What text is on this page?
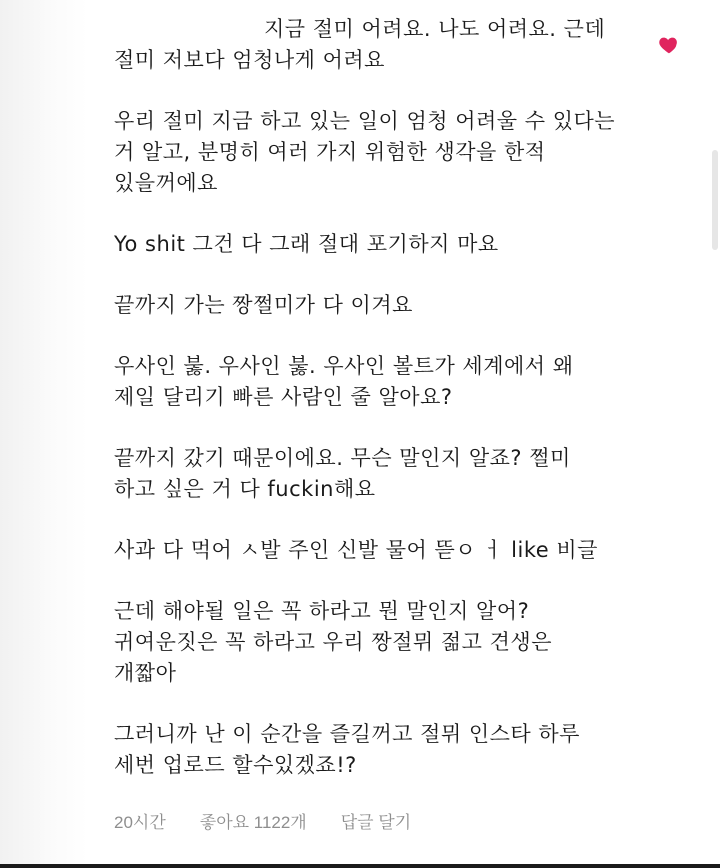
지금 절미 어려요. 나도 어려요. 근데
절미 저보다 엄청나게 어려요

우리 절미 지금 하고 있는 일이 엄청 어려울 수 있다는
거 알고, 분명히 여러 가지 위험한 생각을 한적
있을꺼에요

Yo shit 그건 다 그래 절대 포기하지 마요

끝까지 가는 짱쩔미가 다 이겨요

우사인 붏. 우사인 붏. 우사인 볼트가 세계에서 왜
제일 달리기 빠른 사람인 줄 알아요?

끝까지 갔기 때문이에요. 무슨 말인지 알죠? 쩔미
하고 싶은 거 다 fuckin해요

사과 다 먹어 ㅅ발 주인 신발 물어 뜯ㅇ ㅓ like 비글

근데 해야될 일은 꼭 하라고 뭔 말인지 알어?
귀여운짓은 꼭 하라고 우리 짱절뮈 젊고 견생은
개짧아

그러니까 난 이 순간을 즐길꺼고 절뮈 인스타 하루
세번 업로드 할수있겠죠!?

20시간 좋아요 1122개 답글 달기
